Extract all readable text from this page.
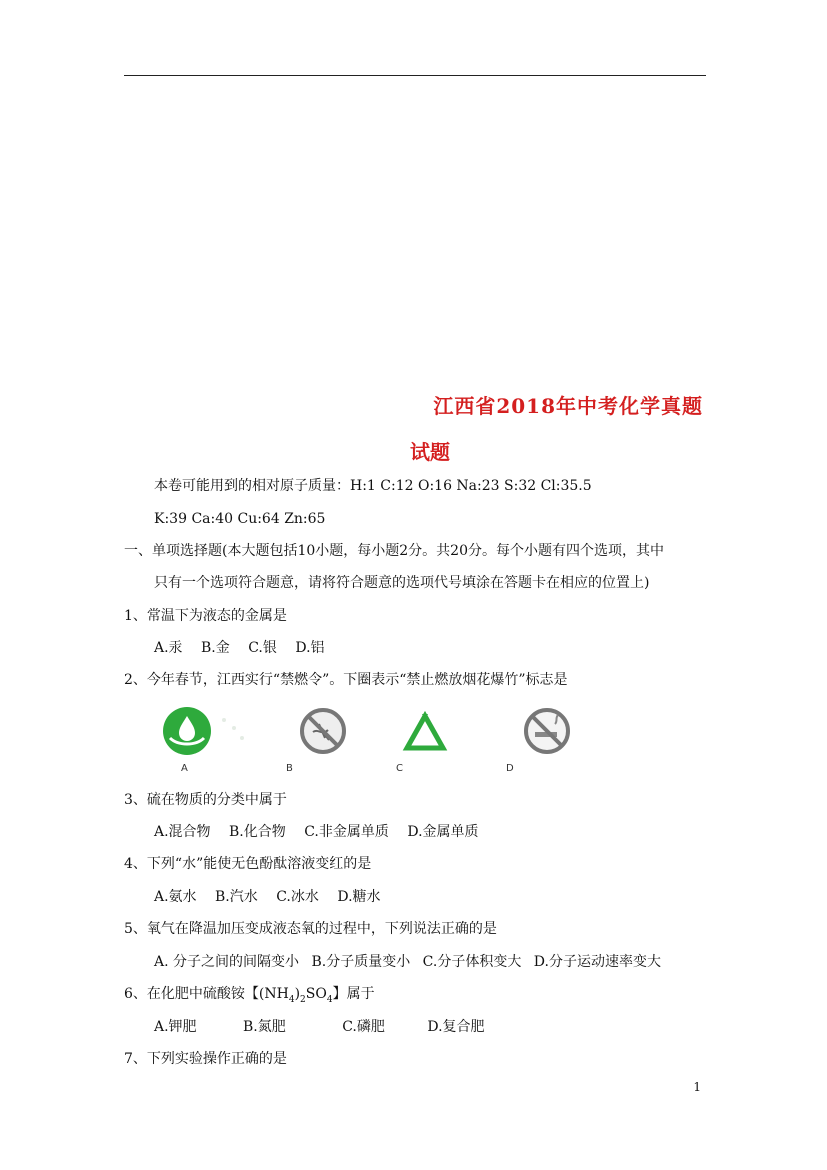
江西省2018年中考化学真题
试题
本卷可能用到的相对原子质量：H:1 C:12 O:16 Na:23 S:32 Cl:35.5
K:39 Ca:40 Cu:64 Zn:65
一、单项选择题(本大题包括10小题，每小题2分。共20分。每个小题有四个选项，其中
只有一个选项符合题意，请将符合题意的选项代号填涂在答题卡在相应的位置上)
1、常温下为液态的金属是
A.汞 B.金 C.银 D.铝
2、今年春节，江西实行“禁燃令”。下圈表示“禁止燃放烟花爆竹”标志是
A	B	C	D
3、硫在物质的分类中属于
A.混合物 B.化合物 C.非金属单质 D.金属单质
4、下列“水”能使无色酚酞溶液变红的是
A.氨水 B.汽水 C.冰水 D.糖水
5、氧气在降温加压变成液态氧的过程中，下列说法正确的是
A. 分子之间的间隔变小 B.分子质量变小 C.分子体积变大 D.分子运动速率变大
6、在化肥中硫酸铵【$(NH_4)_2SO_4$】属于
A.钾肥	B.氮肥	C.磷肥	D.复合肥
7、下列实验操作正确的是
1
